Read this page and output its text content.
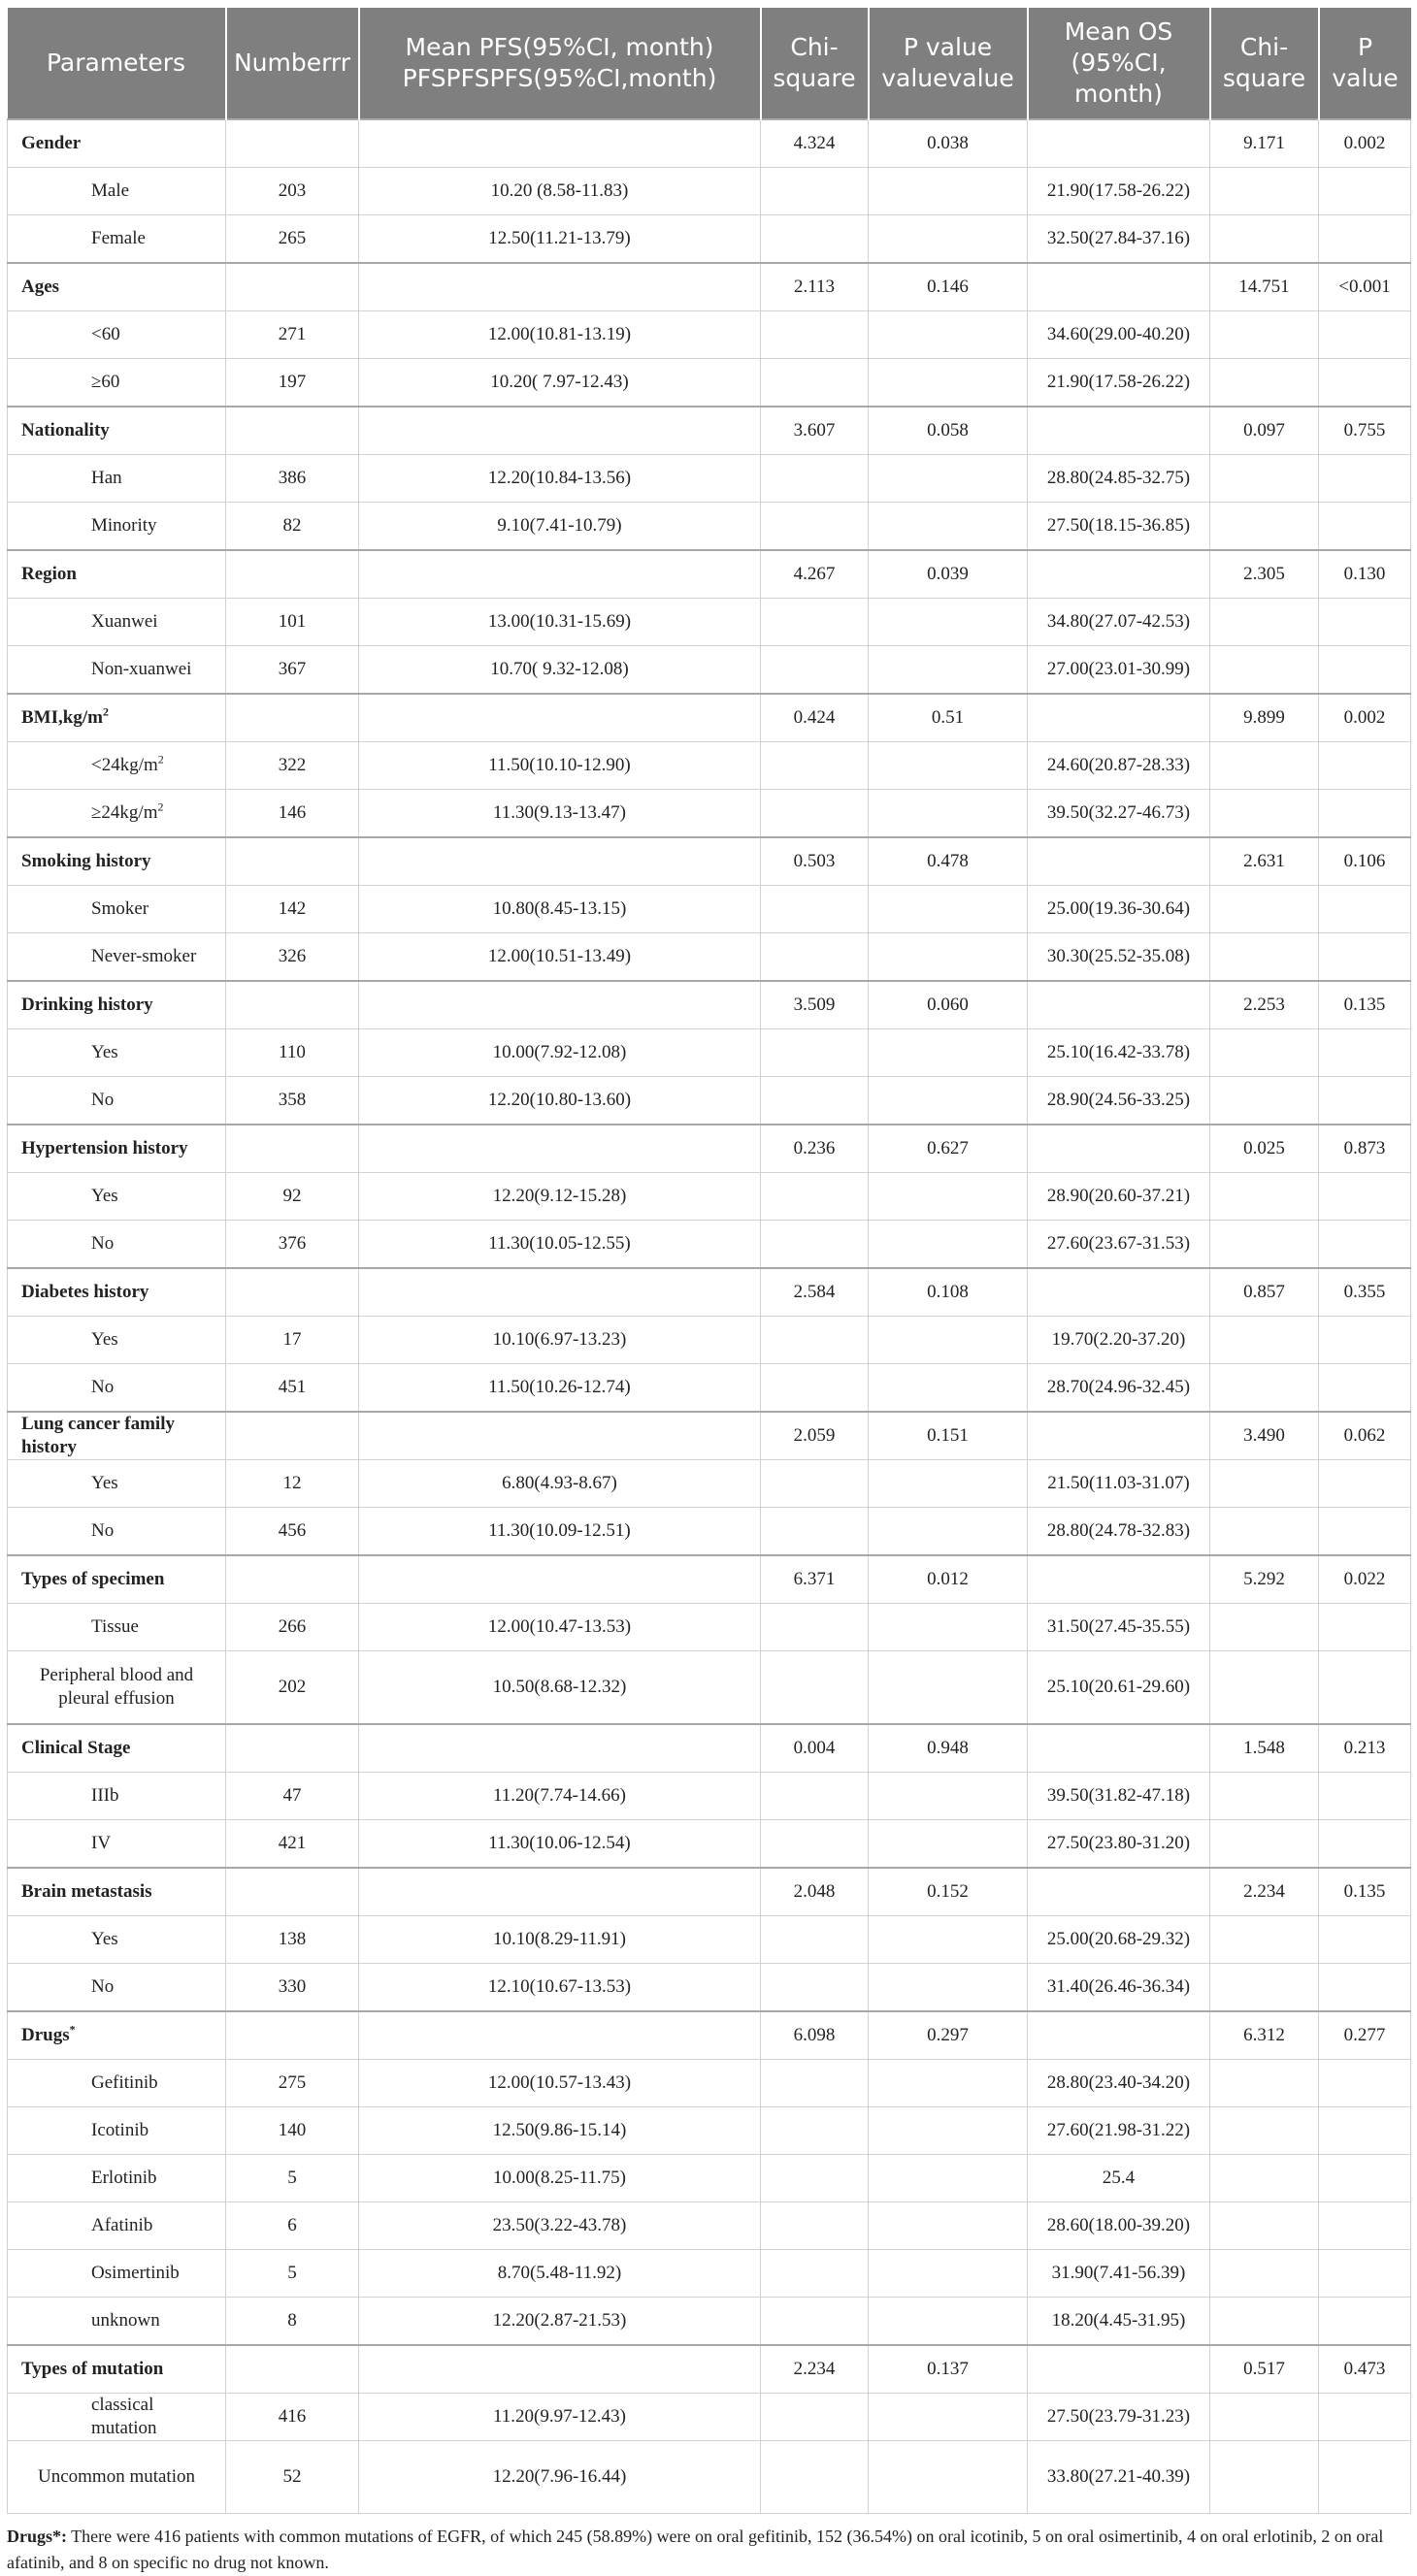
Parameters	Numberrr	Mean PFS(95%CI, month) PFSPFSPFS(95%CI,month)	Chi-square	P value valuevalue	Mean OS (95%CI, month)	Chi-square	P value
Gender			4.324	0.038		9.171	0.002
Male	203	10.20 (8.58-11.83)			21.90(17.58-26.22)		
Female	265	12.50(11.21-13.79)			32.50(27.84-37.16)		
Ages			2.113	0.146		14.751	<0.001
<60	271	12.00(10.81-13.19)			34.60(29.00-40.20)		
≥60	197	10.20( 7.97-12.43)			21.90(17.58-26.22)		
Nationality			3.607	0.058		0.097	0.755
Han	386	12.20(10.84-13.56)			28.80(24.85-32.75)		
Minority	82	9.10(7.41-10.79)			27.50(18.15-36.85)		
Region			4.267	0.039		2.305	0.130
Xuanwei	101	13.00(10.31-15.69)			34.80(27.07-42.53)		
Non-xuanwei	367	10.70( 9.32-12.08)			27.00(23.01-30.99)		
$BMI,kg/m^2$			0.424	0.51		9.899	0.002
$<24kg/m^2$	322	11.50(10.10-12.90)			24.60(20.87-28.33)		
$\ge 24kg/m^2$	146	11.30(9.13-13.47)			39.50(32.27-46.73)		
Smoking history			0.503	0.478		2.631	0.106
Smoker	142	10.80(8.45-13.15)			25.00(19.36-30.64)		
Never-smoker	326	12.00(10.51-13.49)			30.30(25.52-35.08)		
Drinking history			3.509	0.060		2.253	0.135
Yes	110	10.00(7.92-12.08)			25.10(16.42-33.78)		
No	358	12.20(10.80-13.60)			28.90(24.56-33.25)		
Hypertension history			0.236	0.627		0.025	0.873
Yes	92	12.20(9.12-15.28)			28.90(20.60-37.21)		
No	376	11.30(10.05-12.55)			27.60(23.67-31.53)		
Diabetes history			2.584	0.108		0.857	0.355
Yes	17	10.10(6.97-13.23)			19.70(2.20-37.20)		
No	451	11.50(10.26-12.74)			28.70(24.96-32.45)		
Lung cancer family history			2.059	0.151		3.490	0.062
Yes	12	6.80(4.93-8.67)			21.50(11.03-31.07)		
No	456	11.30(10.09-12.51)			28.80(24.78-32.83)		
Types of specimen			6.371	0.012		5.292	0.022
Tissue	266	12.00(10.47-13.53)			31.50(27.45-35.55)		
Peripheral blood and pleural effusion	202	10.50(8.68-12.32)			25.10(20.61-29.60)		
Clinical Stage			0.004	0.948		1.548	0.213
IIIb	47	11.20(7.74-14.66)			39.50(31.82-47.18)		
IV	421	11.30(10.06-12.54)			27.50(23.80-31.20)		
Brain metastasis			2.048	0.152		2.234	0.135
Yes	138	10.10(8.29-11.91)			25.00(20.68-29.32)		
No	330	12.10(10.67-13.53)			31.40(26.46-36.34)		
Drugs*			6.098	0.297		6.312	0.277
Gefitinib	275	12.00(10.57-13.43)			28.80(23.40-34.20)		
Icotinib	140	12.50(9.86-15.14)			27.60(21.98-31.22)		
Erlotinib	5	10.00(8.25-11.75)			25.4		
Afatinib	6	23.50(3.22-43.78)			28.60(18.00-39.20)		
Osimertinib	5	8.70(5.48-11.92)			31.90(7.41-56.39)		
unknown	8	12.20(2.87-21.53)			18.20(4.45-31.95)		
Types of mutation			2.234	0.137		0.517	0.473
classical mutation	416	11.20(9.97-12.43)			27.50(23.79-31.23)		
Uncommon mutation	52	12.20(7.96-16.44)			33.80(27.21-40.39)		
Drugs*: There were 416 patients with common mutations of EGFR, of which 245 (58.89%) were on oral gefitinib, 152 (36.54%) on oral icotinib, 5 on oral osimertinib, 4 on oral erlotinib, 2 on oral afatinib, and 8 on specific no drug not known.
